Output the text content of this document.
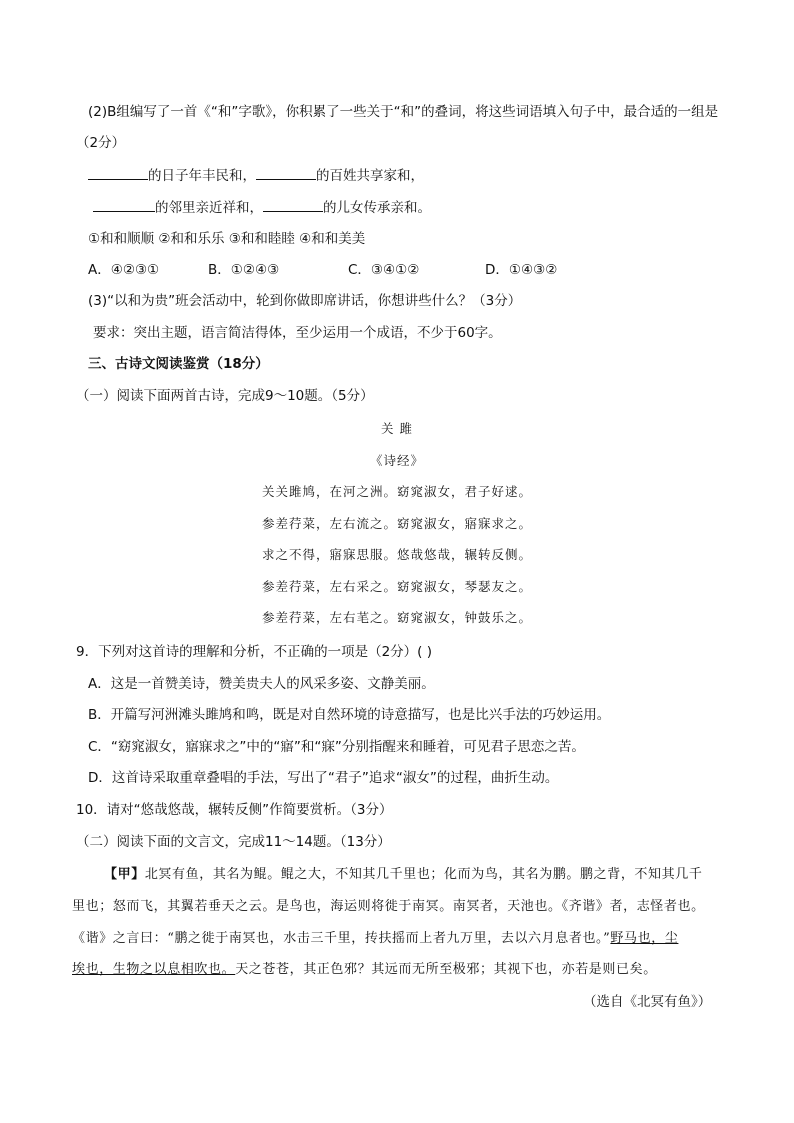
(2)B组编写了一首《“和”字歌》，你积累了一些关于“和”的叠词，将这些词语填入句子中，最合适的一组是
（2分）
的日子年丰民和，	的百姓共享家和，
的邻里亲近祥和，	的儿女传承亲和。
①和和顺顺 ②和和乐乐 ③和和睦睦 ④和和美美
A．④②③①	B．①②④③	C．③④①②	D．①④③②
(3)“以和为贵”班会活动中，轮到你做即席讲话，你想讲些什么？（3分）
要求：突出主题，语言简洁得体，至少运用一个成语，不少于60字。
三、古诗文阅读鉴赏（18分）
（一）阅读下面两首古诗，完成9～10题。（5分）
关 雎
《诗经》
关关雎鸠，在河之洲。窈窕淑女，君子好逑。
参差荇菜，左右流之。窈窕淑女，寤寐求之。
求之不得，寤寐思服。悠哉悠哉，辗转反侧。
参差荇菜，左右采之。窈窕淑女，琴瑟友之。
参差荇菜，左右芼之。窈窕淑女，钟鼓乐之。
9．下列对这首诗的理解和分析，不正确的一项是（2分）( )
A．这是一首赞美诗，赞美贵夫人的风采多姿、文静美丽。
B．开篇写河洲滩头雎鸠和鸣，既是对自然环境的诗意描写，也是比兴手法的巧妙运用。
C．“窈窕淑女，寤寐求之”中的“寤”和“寐”分别指醒来和睡着，可见君子思恋之苦。
D．这首诗采取重章叠唱的手法，写出了“君子”追求“淑女”的过程，曲折生动。
10．请对“悠哉悠哉，辗转反侧”作简要赏析。（3分）
（二）阅读下面的文言文，完成11～14题。（13分）
【甲】北冥有鱼，其名为鲲。鲲之大，不知其几千里也；化而为鸟，其名为鹏。鹏之背，不知其几千
里也；怒而飞，其翼若垂天之云。是鸟也，海运则将徙于南冥。南冥者，天池也。《齐谐》者，志怪者也。
《谐》之言曰：“鹏之徙于南冥也，水击三千里，抟扶摇而上者九万里，去以六月息者也。”野马也，尘
埃也，生物之以息相吹也。天之苍苍，其正色邪？其远而无所至极邪；其视下也，亦若是则已矣。
（选自《北冥有鱼》）
